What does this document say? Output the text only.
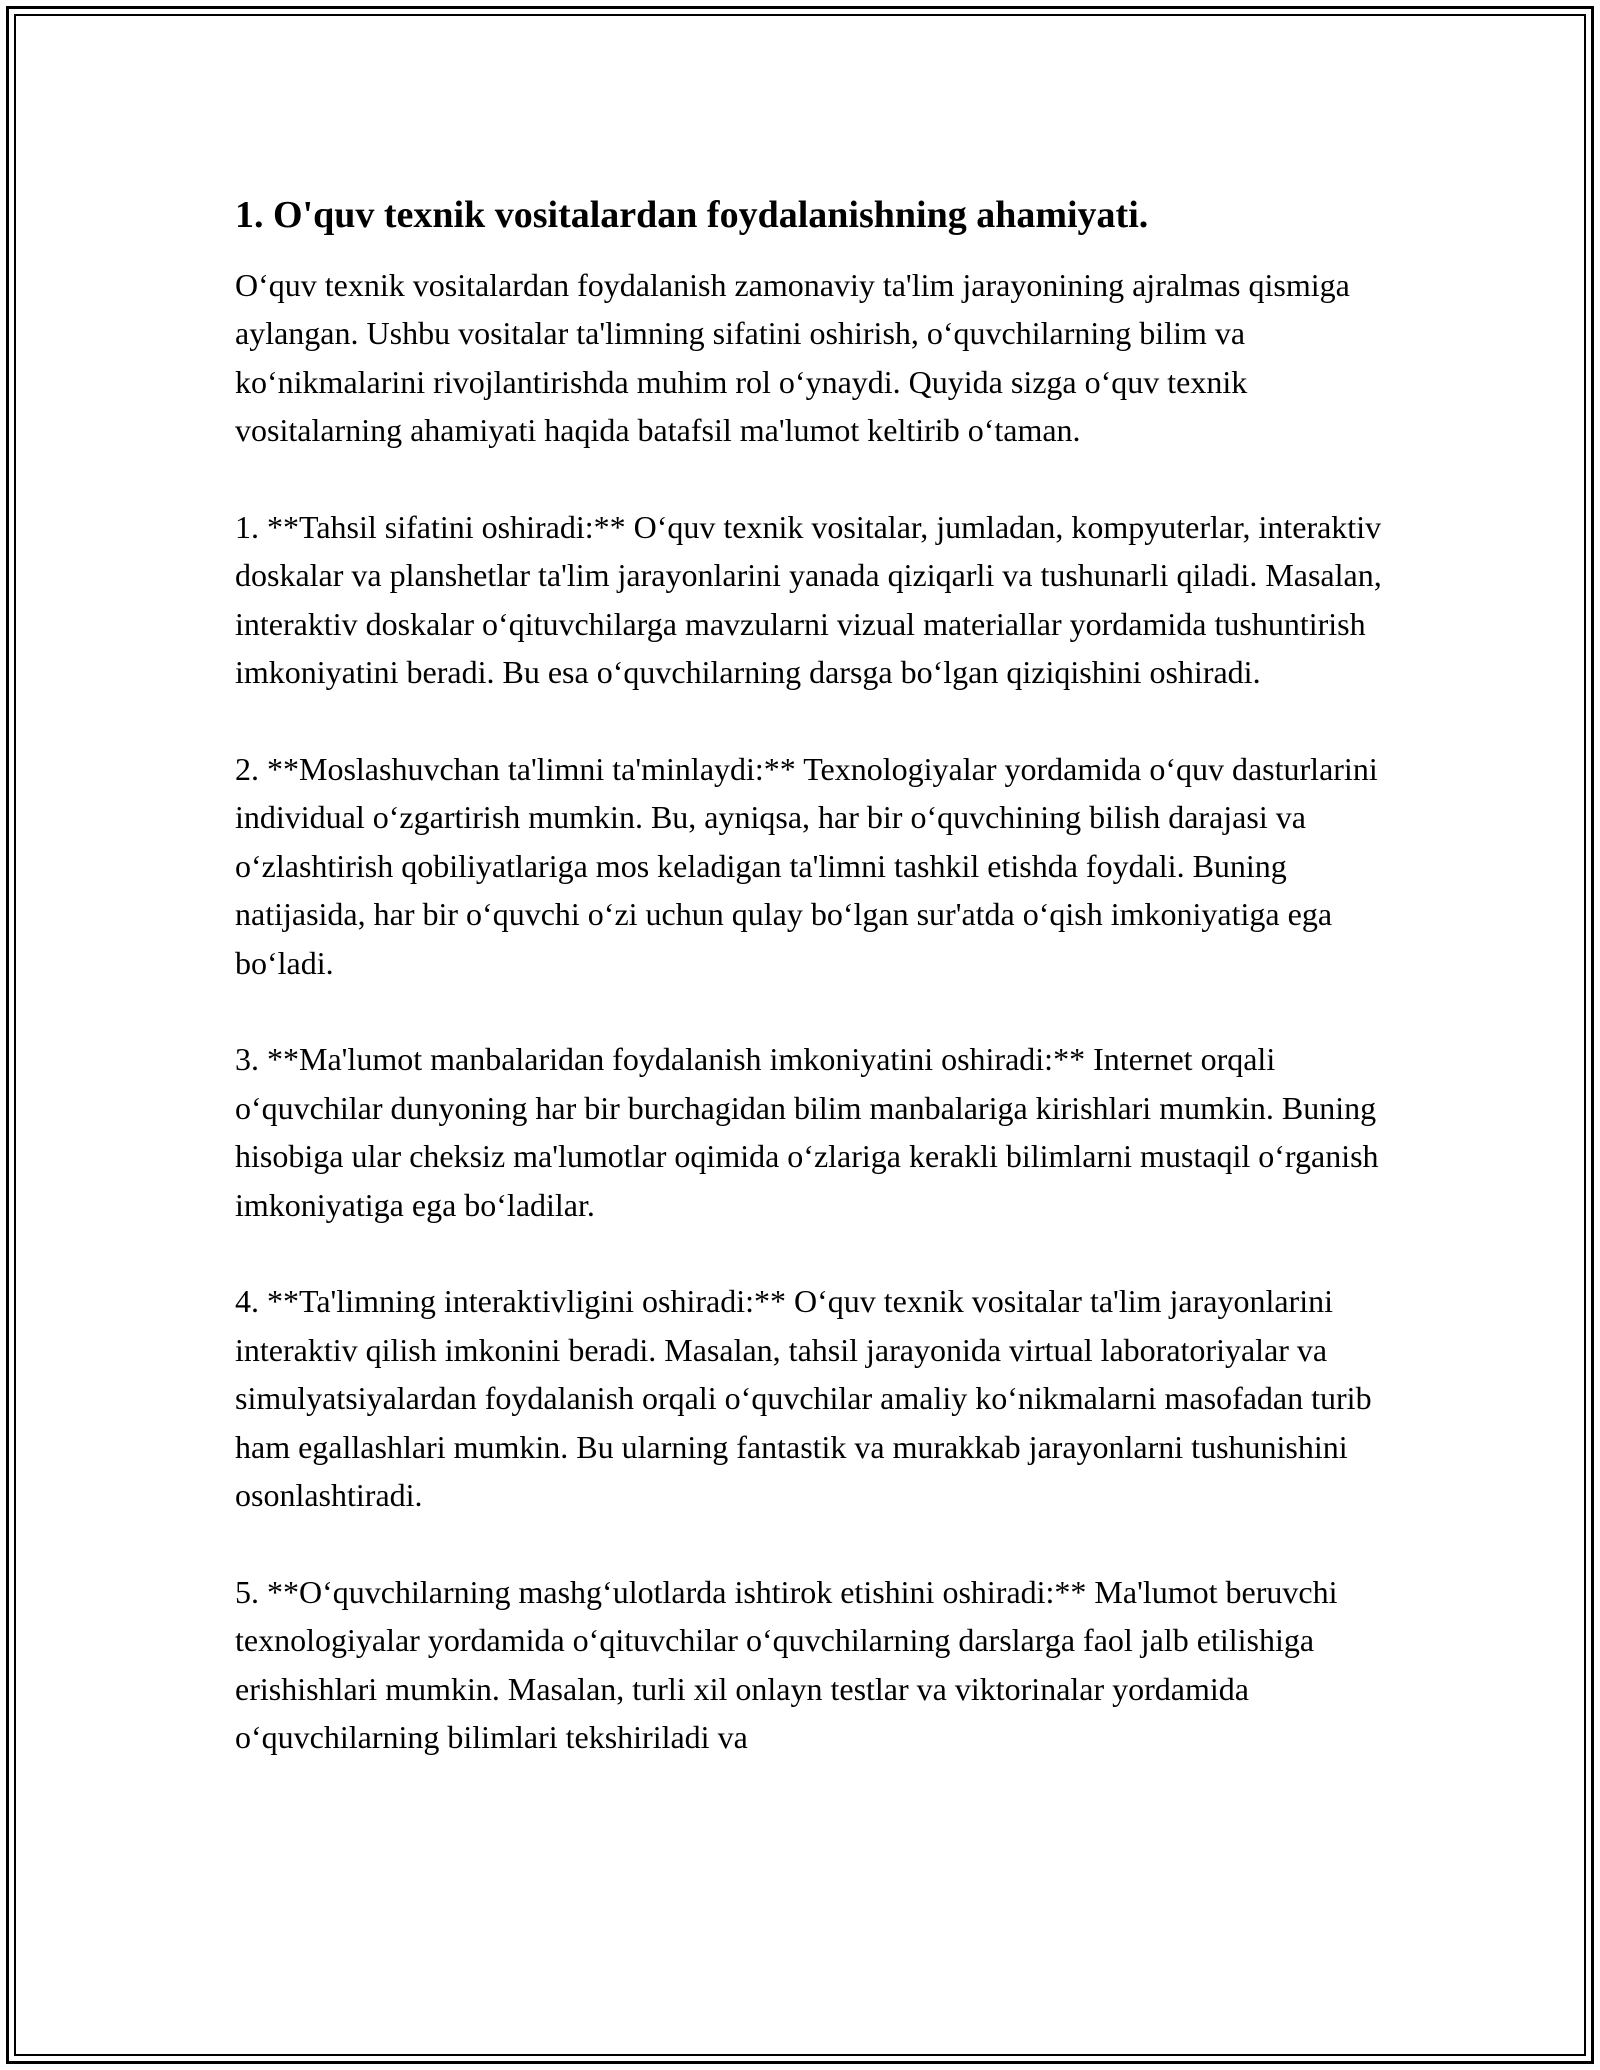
1. O'quv texnik vositalardan foydalanishning ahamiyati.

O‘quv texnik vositalardan foydalanish zamonaviy ta'lim jarayonining ajralmas qismiga aylangan. Ushbu vositalar ta'limning sifatini oshirish, o‘quvchilarning bilim va ko‘nikmalarini rivojlantirishda muhim rol o‘ynaydi. Quyida sizga o‘quv texnik vositalarning ahamiyati haqida batafsil ma'lumot keltirib o‘taman.

1. **Tahsil sifatini oshiradi:** O‘quv texnik vositalar, jumladan, kompyuterlar, interaktiv doskalar va planshetlar ta'lim jarayonlarini yanada qiziqarli va tushunarli qiladi. Masalan, interaktiv doskalar o‘qituvchilarga mavzularni vizual materiallar yordamida tushuntirish imkoniyatini beradi. Bu esa o‘quvchilarning darsga bo‘lgan qiziqishini oshiradi.

2. **Moslashuvchan ta'limni ta'minlaydi:** Texnologiyalar yordamida o‘quv dasturlarini individual o‘zgartirish mumkin. Bu, ayniqsa, har bir o‘quvchining bilish darajasi va o‘zlashtirish qobiliyatlariga mos keladigan ta'limni tashkil etishda foydali. Buning natijasida, har bir o‘quvchi o‘zi uchun qulay bo‘lgan sur'atda o‘qish imkoniyatiga ega bo‘ladi.

3. **Ma'lumot manbalaridan foydalanish imkoniyatini oshiradi:** Internet orqali o‘quvchilar dunyoning har bir burchagidan bilim manbalariga kirishlari mumkin. Buning hisobiga ular cheksiz ma'lumotlar oqimida o‘zlariga kerakli bilimlarni mustaqil o‘rganish imkoniyatiga ega bo‘ladilar.

4. **Ta'limning interaktivligini oshiradi:** O‘quv texnik vositalar ta'lim jarayonlarini interaktiv qilish imkonini beradi. Masalan, tahsil jarayonida virtual laboratoriyalar va simulyatsiyalardan foydalanish orqali o‘quvchilar amaliy ko‘nikmalarni masofadan turib ham egallashlari mumkin. Bu ularning fantastik va murakkab jarayonlarni tushunishini osonlashtiradi.

5. **O‘quvchilarning mashg‘ulotlarda ishtirok etishini oshiradi:** Ma'lumot beruvchi texnologiyalar yordamida o‘qituvchilar o‘quvchilarning darslarga faol jalb etilishiga erishishlari mumkin. Masalan, turli xil onlayn testlar va viktorinalar yordamida o‘quvchilarning bilimlari tekshiriladi va
